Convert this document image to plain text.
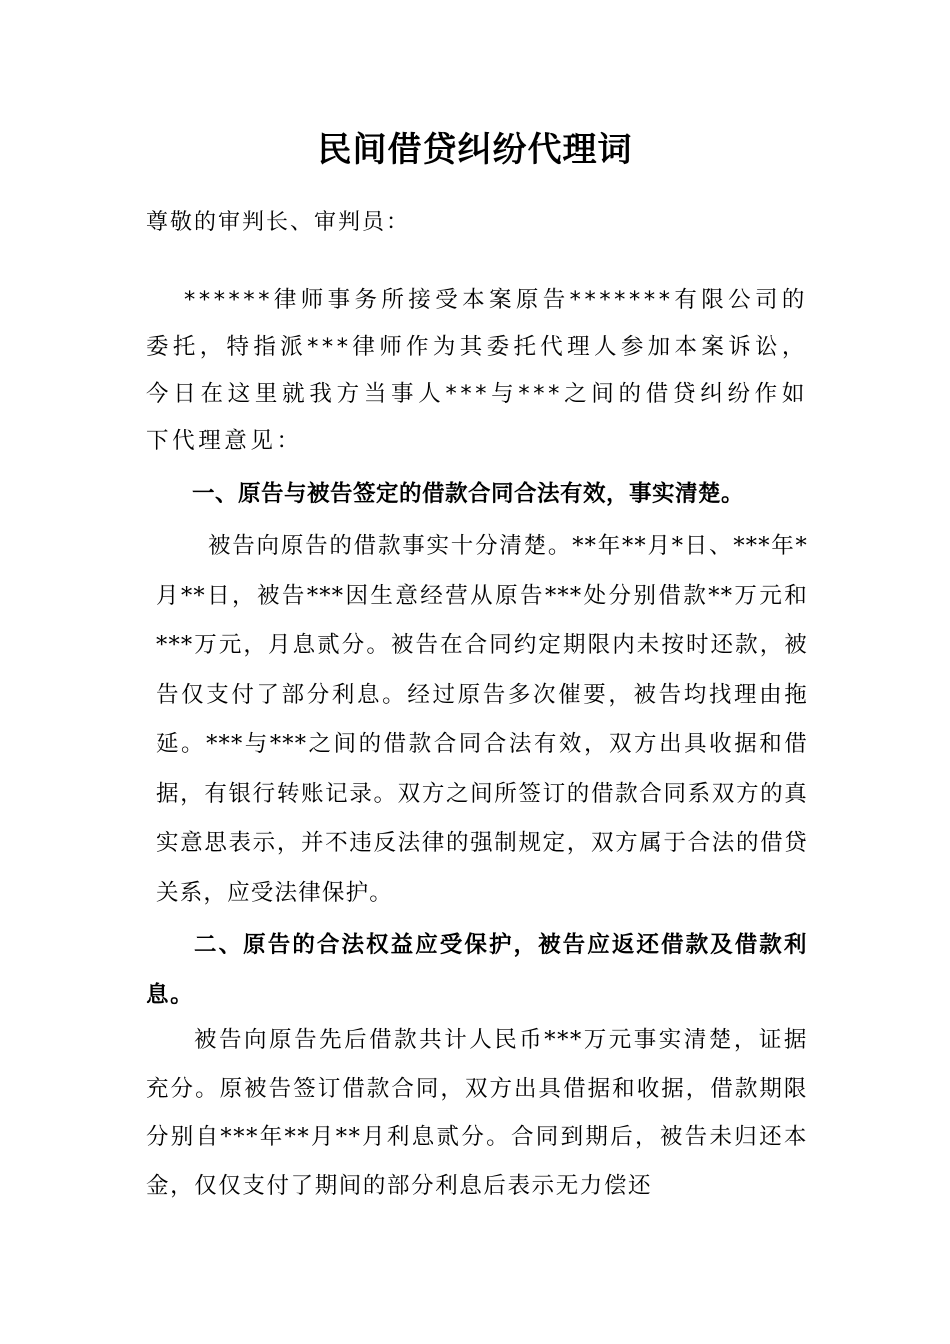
民间借贷纠纷代理词
尊敬的审判长、审判员：
******律师事务所接受本案原告*******有限公司的委托，特指派***律师作为其委托代理人参加本案诉讼，今日在这里就我方当事人***与***之间的借贷纠纷作如下代理意见：
一、原告与被告签定的借款合同合法有效，事实清楚。
被告向原告的借款事实十分清楚。**年**月*日、***年*月**日，被告***因生意经营从原告***处分别借款**万元和***万元，月息贰分。被告在合同约定期限内未按时还款，被告仅支付了部分利息。经过原告多次催要，被告均找理由拖延。***与***之间的借款合同合法有效，双方出具收据和借据，有银行转账记录。双方之间所签订的借款合同系双方的真实意思表示，并不违反法律的强制规定，双方属于合法的借贷关系，应受法律保护。
二、原告的合法权益应受保护，被告应返还借款及借款利息。
被告向原告先后借款共计人民币***万元事实清楚，证据充分。原被告签订借款合同，双方出具借据和收据，借款期限分别自***年**月**月利息贰分。合同到期后，被告未归还本金，仅仅支付了期间的部分利息后表示无力偿还
